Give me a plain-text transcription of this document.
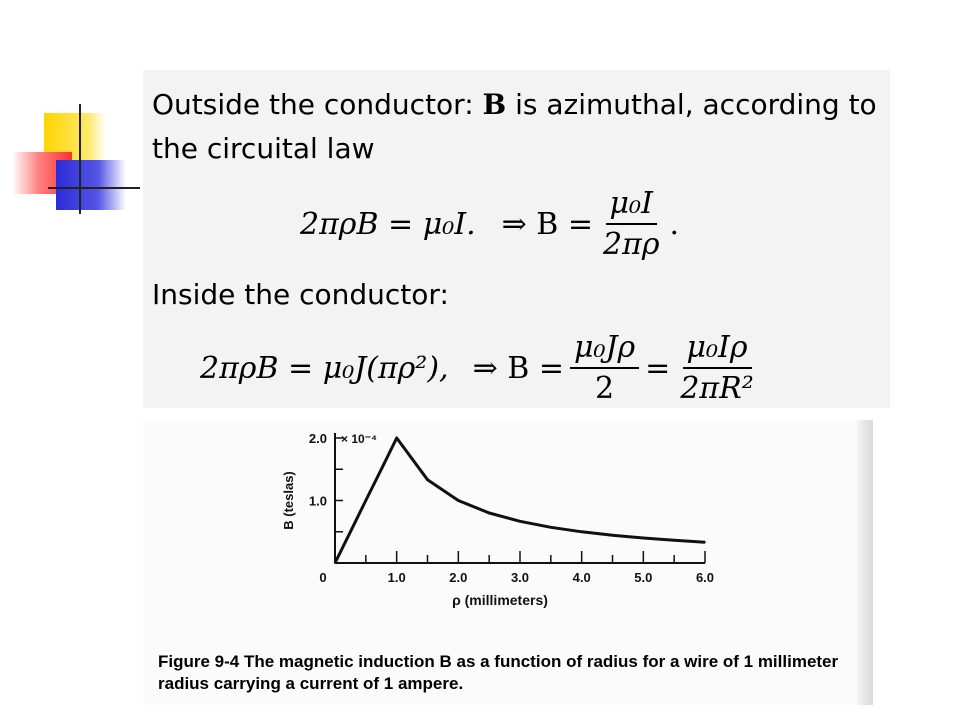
Outside the conductor: B is azimuthal, according to
the circuital law
2πρB = μ₀I. ⇒ $B = \frac{\text{μ₀I}}{2\pi\rho}$ .
Inside the conductor:
2πρB = μ₀J(πρ²), ⇒ $B = \frac{\text{μ₀Jρ}}{2} = \frac{\text{μ₀Iρ}}{\text{2πR²}}$
0	1.0	2.0	3.0	4.0	5.0	6.0
1.0
2.0 × 10⁻⁴
B (teslas)
ρ (millimeters)
Figure 9-4 The magnetic induction B as a function of radius for a wire of 1 millimeter radius carrying a current of 1 ampere.
